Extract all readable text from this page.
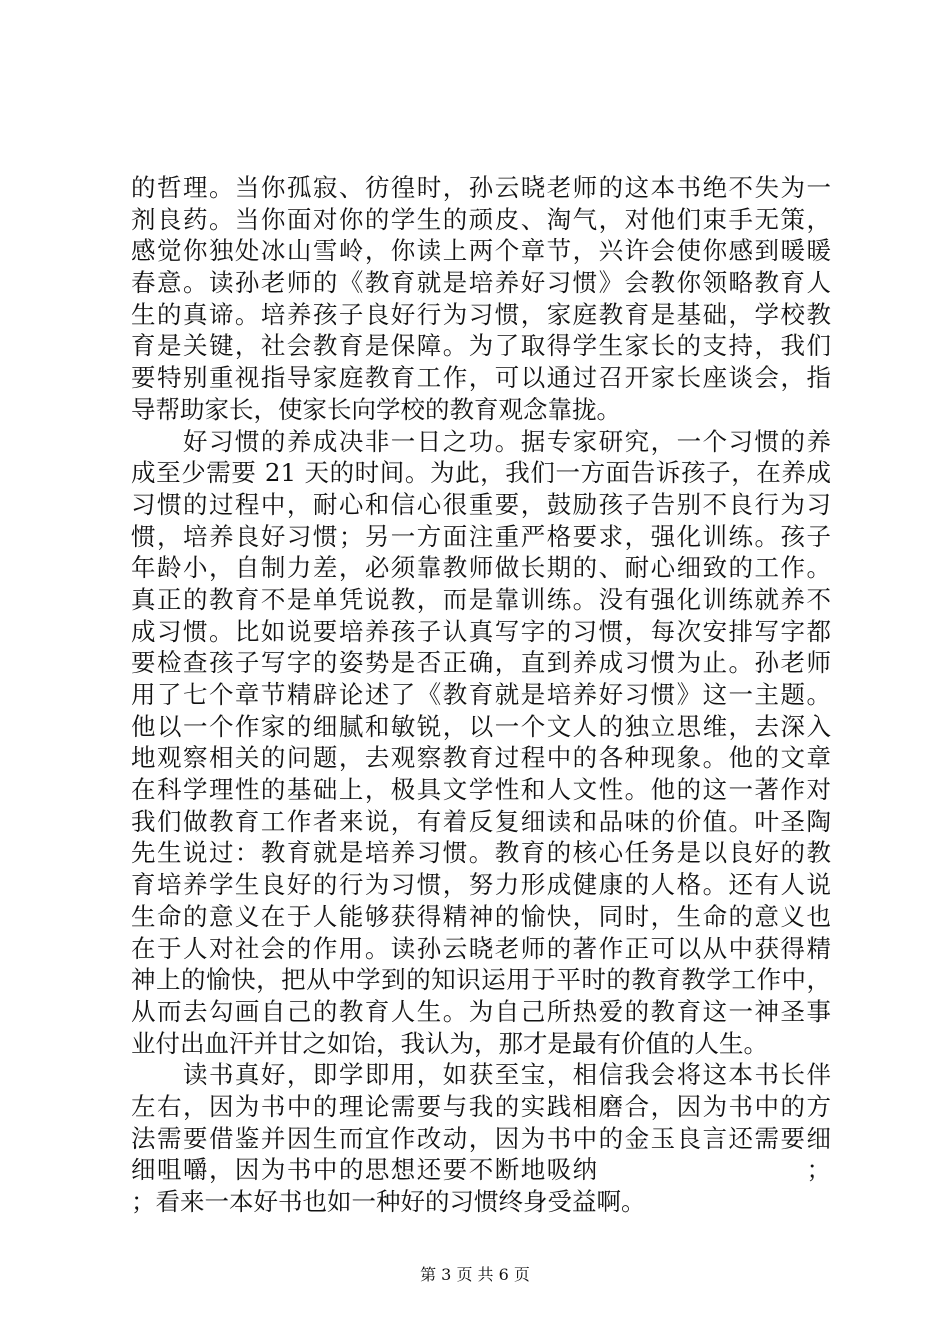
的哲理。当你孤寂、彷徨时，孙云晓老师的这本书绝不失为一
剂良药。当你面对你的学生的顽皮、淘气，对他们束手无策，
感觉你独处冰山雪岭，你读上两个章节，兴许会使你感到暖暖
春意。读孙老师的《教育就是培养好习惯》会教你领略教育人
生的真谛。培养孩子良好行为习惯，家庭教育是基础，学校教
育是关键，社会教育是保障。为了取得学生家长的支持，我们
要特别重视指导家庭教育工作，可以通过召开家长座谈会，指
导帮助家长，使家长向学校的教育观念靠拢。
　　好习惯的养成决非一日之功。据专家研究，一个习惯的养
成至少需要 21 天的时间。为此，我们一方面告诉孩子，在养成
习惯的过程中，耐心和信心很重要，鼓励孩子告别不良行为习
惯，培养良好习惯；另一方面注重严格要求，强化训练。孩子
年龄小，自制力差，必须靠教师做长期的、耐心细致的工作。
真正的教育不是单凭说教，而是靠训练。没有强化训练就养不
成习惯。比如说要培养孩子认真写字的习惯，每次安排写字都
要检查孩子写字的姿势是否正确，直到养成习惯为止。孙老师
用了七个章节精辟论述了《教育就是培养好习惯》这一主题。
他以一个作家的细腻和敏锐，以一个文人的独立思维，去深入
地观察相关的问题，去观察教育过程中的各种现象。他的文章
在科学理性的基础上，极具文学性和人文性。他的这一著作对
我们做教育工作者来说，有着反复细读和品味的价值。叶圣陶
先生说过：教育就是培养习惯。教育的核心任务是以良好的教
育培养学生良好的行为习惯，努力形成健康的人格。还有人说
生命的意义在于人能够获得精神的愉快，同时，生命的意义也
在于人对社会的作用。读孙云晓老师的著作正可以从中获得精
神上的愉快，把从中学到的知识运用于平时的教育教学工作中，
从而去勾画自己的教育人生。为自己所热爱的教育这一神圣事
业付出血汗并甘之如饴，我认为，那才是最有价值的人生。
　　读书真好，即学即用，如获至宝，相信我会将这本书长伴
左右，因为书中的理论需要与我的实践相磨合，因为书中的方
法需要借鉴并因生而宜作改动，因为书中的金玉良言还需要细
细咀嚼，因为书中的思想还要不断地吸纳　　　　　　　　；
；看来一本好书也如一种好的习惯终身受益啊。
第 3 页 共 6 页
